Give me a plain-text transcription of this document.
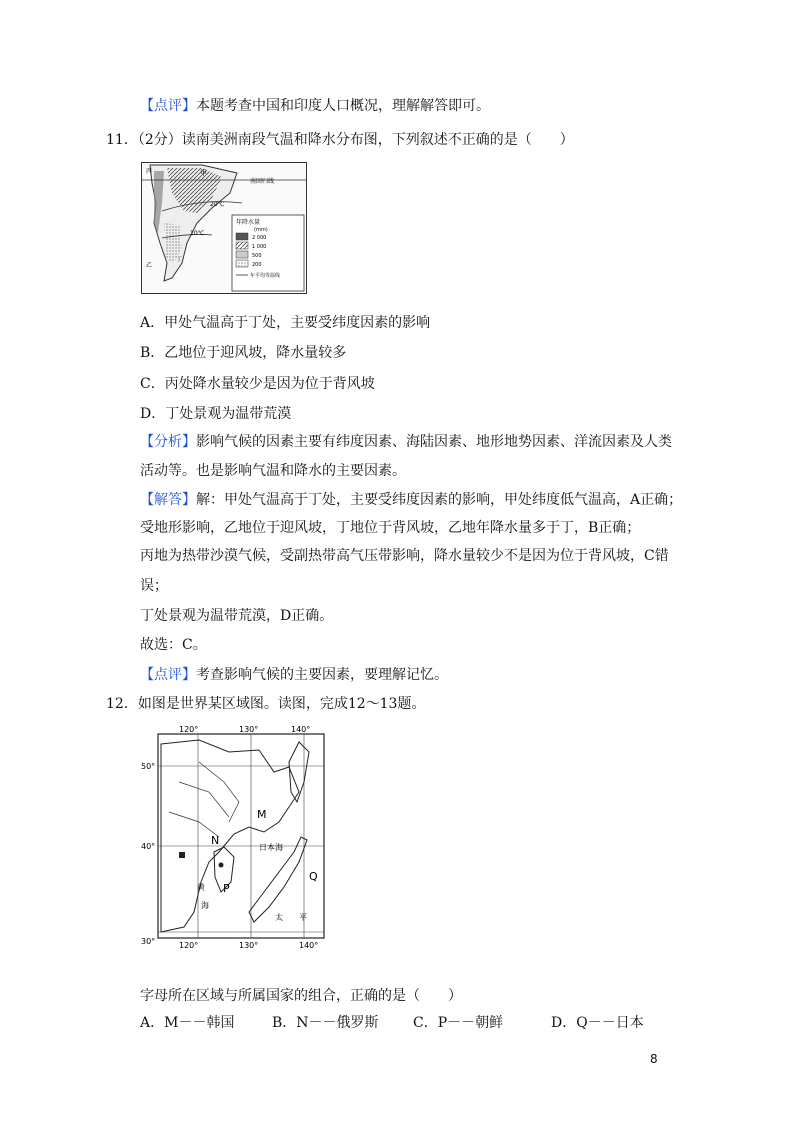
【点评】本题考查中国和印度人口概况，理解解答即可。
11．（2分）读南美洲南段气温和降水分布图，下列叙述不正确的是（　　）
甲
南回归线
20℃
10℃
丙
乙
丁
年降水量
(mm)
2 000
1 000
500
200
年平均等温线
A．甲处气温高于丁处，主要受纬度因素的影响
B．乙地位于迎风坡，降水量较多
C．丙处降水量较少是因为位于背风坡
D．丁处景观为温带荒漠
【分析】影响气候的因素主要有纬度因素、海陆因素、地形地势因素、洋流因素及人类
活动等。也是影响气温和降水的主要因素。
【解答】解：甲处气温高于丁处，主要受纬度因素的影响，甲处纬度低气温高，A正确；
受地形影响，乙地位于迎风坡，丁地位于背风坡，乙地年降水量多于丁，B正确；
丙地为热带沙漠气候，受副热带高气压带影响，降水量较少不是因为位于背风坡，C错
误；
丁处景观为温带荒漠，D正确。
故选：C。
【点评】考查影响气候的主要因素，要理解记忆。
12．如图是世界某区域图。读图，完成12～13题。
120°	130°	140°
50°
40°
30°	120°	130°	140°
M
N
P
Q
日本海
黄
海
太 平
字母所在区域与所属国家的组合，正确的是（　　）
A．M－－韩国	B．N－－俄罗斯 C．P－－朝鲜	D．Q－－日本
8
